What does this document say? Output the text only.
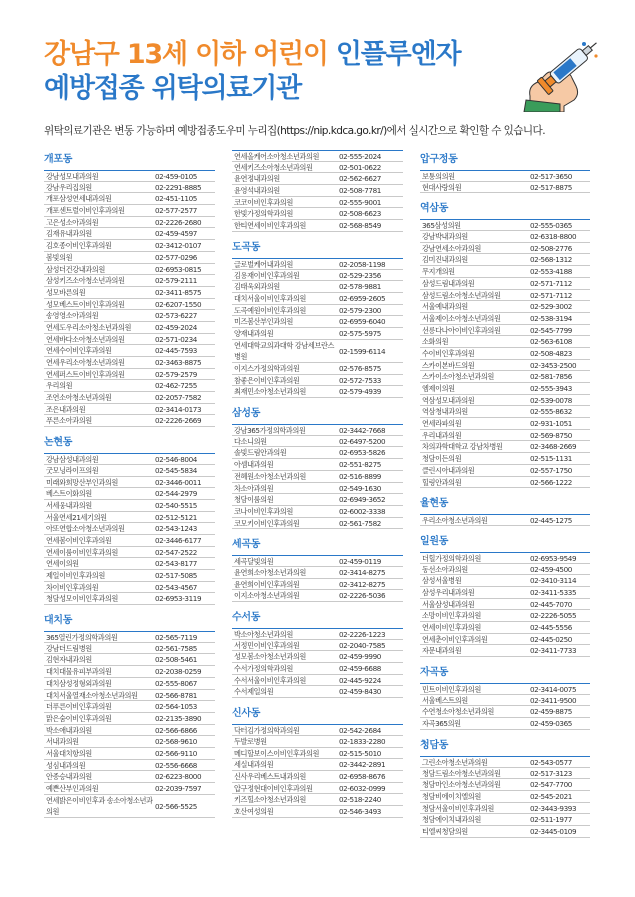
강남구 13세 이하 어린이 인플루엔자
예방접종 위탁의료기관
위탁의료기관은 변동 가능하며 예방접종도우미 누리집(https://nip.kdca.go.kr/)에서 실시간으로 확인할 수 있습니다.
개포동
강남성모내과의원	02-459-0105
강남우리집의원	02-2291-8885
개포삼성연세내과의원	02-451-1105
개포센트럴이비인후과의원	02-577-2577
고은성소아과의원	02-2226-2680
김재유내과의원	02-459-4597
김호종이비인후과의원	02-3412-0107
봄빛의원	02-577-0296
삼성더건강내과의원	02-6953-0815
삼성키즈소아청소년과의원	02-579-2111
성모바른의원	02-3411-8575
성모베스트이비인후과의원	02-6207-1550
송영영소아과의원	02-573-6227
연세도우리소아청소년과의원	02-459-2024
연세바다소아청소년과의원	02-571-0234
연세수이비인후과의원	02-445-7593
연세우리소아청소년과의원	02-3463-8875
연세퍼스트이비인후과의원	02-579-2579
우리의원	02-462-7255
조연소아청소년과의원	02-2057-7582
조은내과의원	02-3414-0173
푸른소아과의원	02-2226-2669
논현동
강남삼성내과의원	02-546-8004
굿모닝라이프의원	02-545-5834
미래와희망산부인과의원	02-3446-0011
베스트이화의원	02-544-2979
서세웅내과의원	02-540-5515
서울연세21세기의원	02-512-5121
아또연합소아청소년과의원	02-543-1243
연세봄이비인후과의원	02-3446-6177
연세이룸이비인후과의원	02-547-2522
연세이의원	02-543-8177
제일이비인후과의원	02-517-5085
차이비인후과의원	02-543-4567
청담성모이비인후과의원	02-6953-3119
대치동
365열린가정의학과의원	02-565-7119
강남더드림병원	02-561-7585
김현자내과의원	02-508-5461
대치대물유피부과의원	02-2038-0259
대치삼성정형외과의원	02-555-8067
대치서울열재소아청소년과의원	02-566-8781
더푸른이비인후과의원	02-564-1053
맑은숨이비인후과의원	02-2135-3890
박소애내과의원	02-566-6866
서내과의원	02-568-9610
서울대치항의원	02-566-9110
성심내과의원	02-556-6668
안종승내과의원	02-6223-8000
예쁜산부인과의원	02-2039-7597
연세밝은이비인후과 송소아청소년과의원
02-566-5525
연세올케어소아청소년과의원	02-555-2024
연세키즈소아청소년과의원	02-501-0622
윤연정내과의원	02-562-6627
윤영석내과의원	02-508-7781
코코이비인후과의원	02-555-9001
한빛가정의학과의원	02-508-6623
한티연세이비인후과의원	02-568-8549
도곡동
글로벌케어내과의원	02-2058-1198
김용재이비인후과의원	02-529-2356
김태욱외과의원	02-578-9881
대치서울이비인후과의원	02-6959-2605
도곡예원이비인후과의원	02-579-2300
미즈봄산부인과의원	02-6959-6040
양재내과의원	02-575-5975
연세대학교의과대학 강남세브란스병원
02-1599-6114
이지스가정의학과의원	02-576-8575
참좋은이비인후과의원	02-572-7533
최재민소아청소년과의원	02-579-4939
삼성동
강남365가정의학과의원	02-3442-7668
다소니의원	02-6497-5200
솔빛드림안과의원	02-6953-5826
아셈내과의원	02-551-8275
전혜원소아청소년과의원	02-516-8899
차소아과의원	02-549-1630
청담이룸의원	02-6949-3652
코나이비인후과의원	02-6002-3338
코모키이비인후과의원	02-561-7582
세곡동
세곡달빛의원	02-459-0119
윤연희소아청소년과의원	02-3414-8275
윤연희이비인후과의원	02-3412-8275
이지소아청소년과의원	02-2226-5036
수서동
박소아청소년과의원	02-2226-1223
서정민이비인후과의원	02-2040-7585
성모봄소아청소년과의원	02-459-9990
수서가정의학과의원	02-459-6688
수서서울이비인후과의원	02-445-9224
수서제일의원	02-459-8430
신사동
닥터김가정의학과의원	02-542-2684
두발로병원	02-1833-2280
메디할보이스이비인후과의원	02-515-5010
세실내과의원	02-3442-2891
신사우리베스트내과의원	02-6958-8676
압구정현대이비인후과의원	02-6032-0999
키즈힐소아청소년과의원	02-518-2240
호산여성의원	02-546-3493
압구정동
보통의의원	02-517-3650
현대사랑의원	02-517-8875
역삼동
365삼성의원	02-555-0365
강남박내과의원	02-6318-8800
강남연세소아과의원	02-508-2776
김미진내과의원	02-568-1312
무지개의원	02-553-4188
삼성드림내과의원	02-571-7112
삼성드림소아청소년과의원	02-571-7112
서울예내과의원	02-529-3002
서울제이소아청소년과의원	02-538-3194
선릉다나아이비인후과의원	02-545-7799
소화의원	02-563-6108
수이비인후과의원	02-508-4823
스카이본바드의원	02-3453-2500
스카이소아청소년과의원	02-581-7856
엠제이의원	02-555-3943
역삼성모내과의원	02-539-0078
역삼청내과의원	02-555-8632
연세라파의원	02-931-1051
우리내과의원	02-569-8750
차의과학대학교 강남차병원	02-3468-2669
청담이든의원	02-515-1131
클린시아내과의원	02-557-1750
힐링안과의원	02-566-1222
율현동
우리소아청소년과의원	02-445-1275
일원동
더힐가정의학과의원	02-6953-9549
동선소아과의원	02-459-4500
삼성서울병원	02-3410-3114
삼성우리내과의원	02-3411-5335
서울삼성내과의원	02-445-7070
소망이비인후과의원	02-2226-5055
연세이비인후과의원	02-445-5556
연세춘이비인후과의원	02-445-0250
자문내과의원	02-3411-7733
자곡동
민트이비인후과의원	02-3414-0075
서울베스트의원	02-3411-9500
수연청소아청소년과의원	02-459-8875
자곡365의원	02-459-0365
청담동
그린소아청소년과의원	02-543-0577
청담드림소아청소년과의원	02-517-3123
청담마인소아청소년과의원	02-547-7700
청담비에이치엘의원	02-545-2021
청담서울이비인후과의원	02-3443-9393
청담에이치내과의원	02-511-1977
티엘씨청담의원	02-3445-0109
